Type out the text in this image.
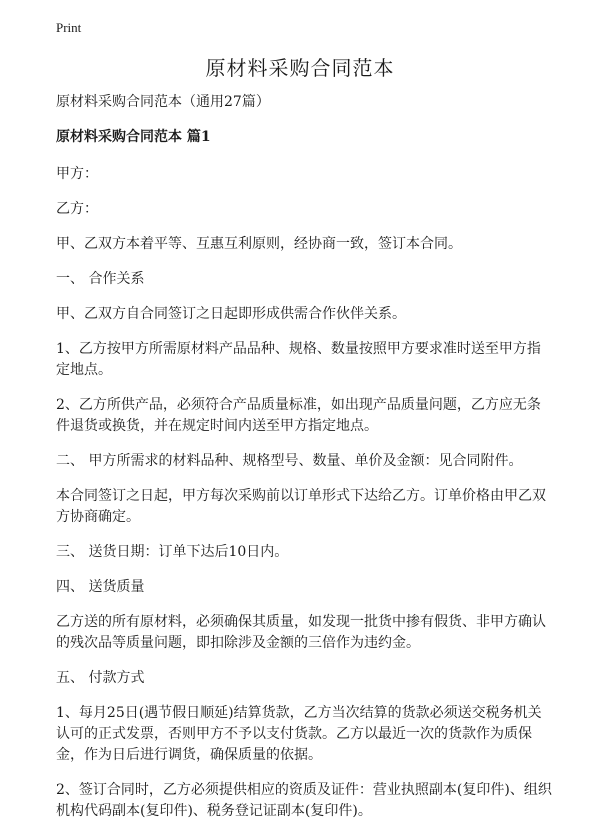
Print
原材料采购合同范本

原材料采购合同范本（通用27篇）

原材料采购合同范本 篇1

甲方：

乙方：

甲、乙双方本着平等、互惠互利原则，经协商一致，签订本合同。

一、 合作关系

甲、乙双方自合同签订之日起即形成供需合作伙伴关系。

1、乙方按甲方所需原材料产品品种、规格、数量按照甲方要求准时送至甲方指定地点。

2、乙方所供产品，必须符合产品质量标准，如出现产品质量问题，乙方应无条件退货或换货，并在规定时间内送至甲方指定地点。

二、 甲方所需求的材料品种、规格型号、数量、单价及金额：见合同附件。

本合同签订之日起，甲方每次采购前以订单形式下达给乙方。订单价格由甲乙双方协商确定。

三、 送货日期：订单下达后10日内。

四、 送货质量

乙方送的所有原材料，必须确保其质量，如发现一批货中掺有假货、非甲方确认的残次品等质量问题，即扣除涉及金额的三倍作为违约金。

五、 付款方式

1、每月25日(遇节假日顺延)结算货款，乙方当次结算的货款必须送交税务机关认可的正式发票，否则甲方不予以支付货款。乙方以最近一次的货款作为质保金，作为日后进行调货，确保质量的依据。

2、签订合同时，乙方必须提供相应的资质及证件：营业执照副本(复印件)、组织机构代码副本(复印件)、税务登记证副本(复印件)。
